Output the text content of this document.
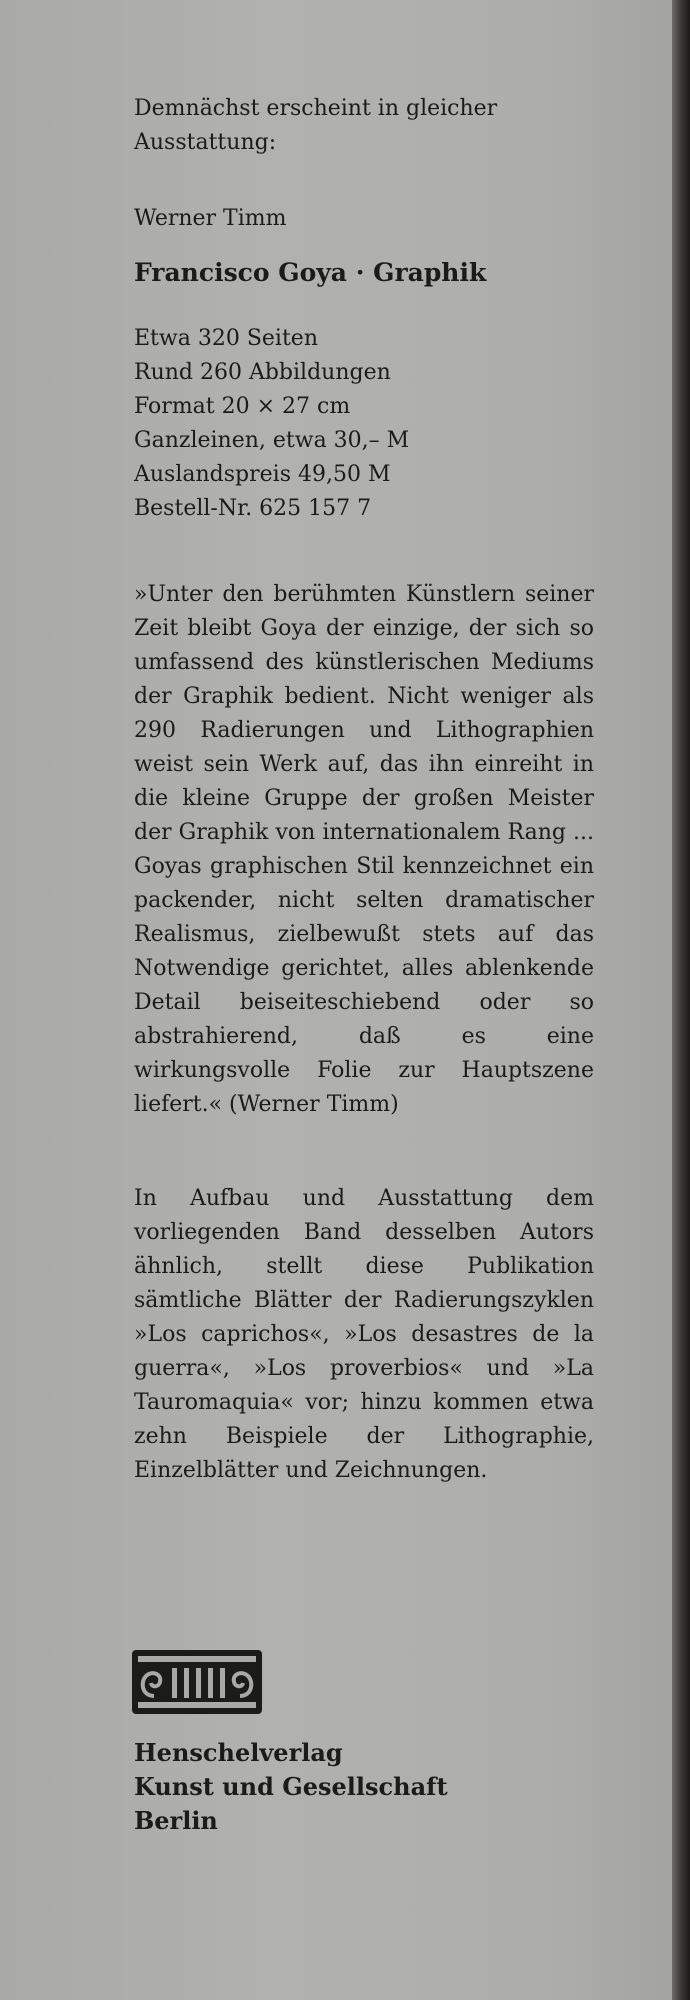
Demnächst erscheint in gleicher
Ausstattung:
Werner Timm
Francisco Goya · Graphik
Etwa 320 Seiten
Rund 260 Abbildungen
Format 20 × 27 cm
Ganzleinen, etwa 30,– M
Auslandspreis 49,50 M
Bestell-Nr. 625 157 7

»Unter den berühmten Künstlern seiner Zeit bleibt Goya der einzige, der sich so umfassend des künstlerischen Mediums der Graphik bedient. Nicht weniger als 290 Radierungen und Lithographien weist sein Werk auf, das ihn einreiht in die kleine Gruppe der großen Meister der Graphik von internationalem Rang ... Goyas graphischen Stil kennzeichnet ein packender, nicht selten dramatischer Realismus, zielbewußt stets auf das Notwendige gerichtet, alles ablenkende Detail beiseiteschiebend oder so abstrahierend, daß es eine wirkungsvolle Folie zur Hauptszene liefert.« (Werner Timm)

In Aufbau und Ausstattung dem vorliegenden Band desselben Autors ähnlich, stellt diese Publikation sämtliche Blätter der Radierungszyklen »Los caprichos«, »Los desastres de la guerra«, »Los proverbios« und »La Tauromaquia« vor; hinzu kommen etwa zehn Beispiele der Lithographie, Einzelblätter und Zeichnungen.

Henschelverlag
Kunst und Gesellschaft
Berlin
